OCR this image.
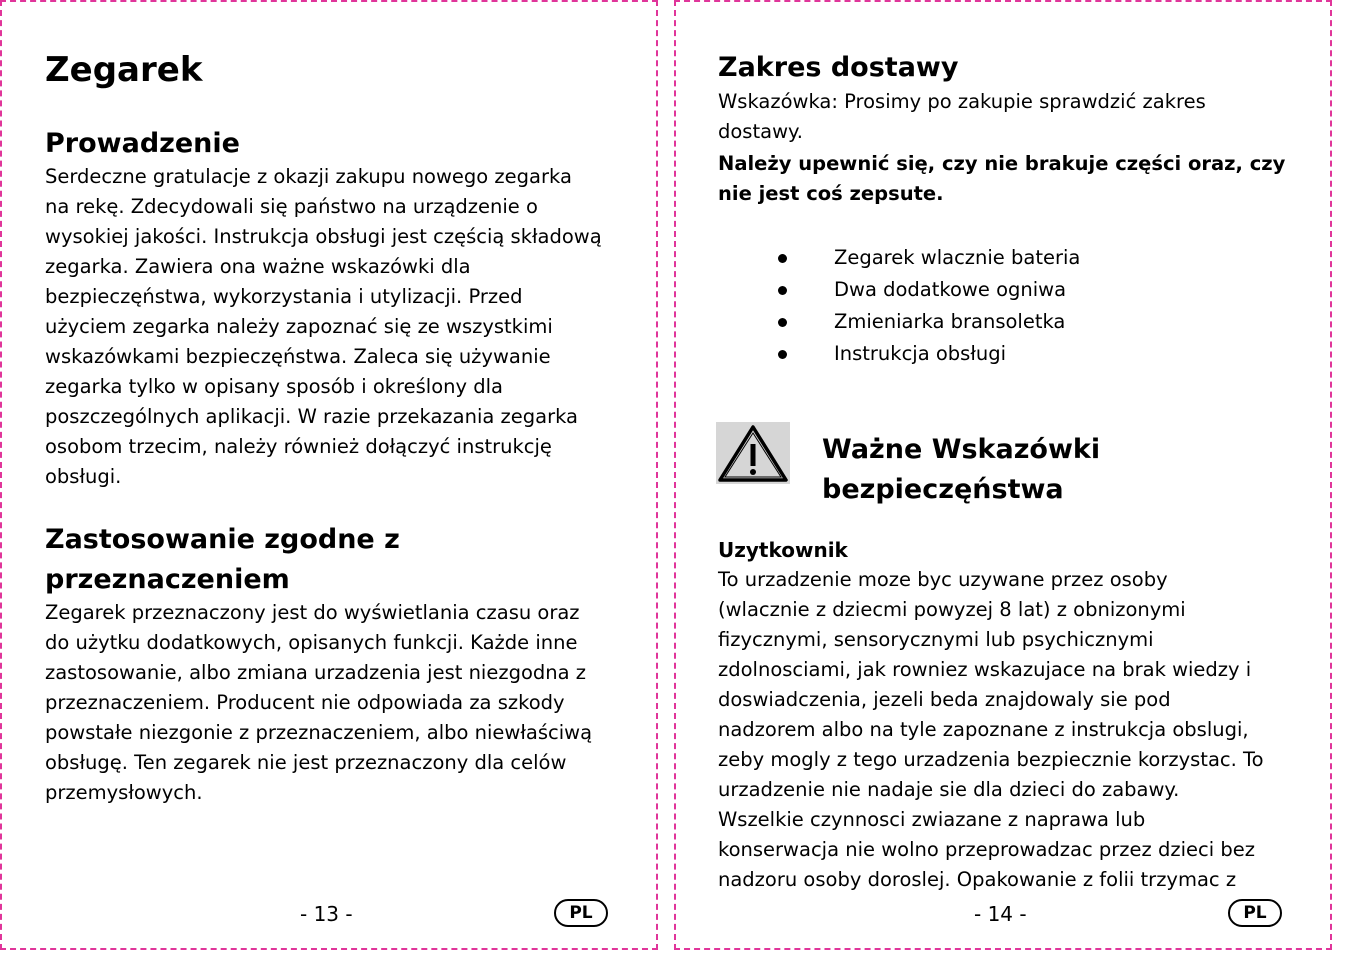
Zegarek
Prowadzenie

Serdeczne gratulacje z okazji zakupu nowego zegarka
na rekę. Zdecydowali się państwo na urządzenie o
wysokiej jakości. Instrukcja obsługi jest częścią składową
zegarka. Zawiera ona ważne wskazówki dla
bezpieczęństwa, wykorzystania i utylizacji. Przed
użyciem zegarka należy zapoznać się ze wszystkimi
wskazówkami bezpieczęństwa. Zaleca się używanie
zegarka tylko w opisany sposób i określony dla
poszczególnych aplikacji. W razie przekazania zegarka
osobom trzecim, należy również dołączyć instrukcję
obsługi.

Zastosowanie zgodne z
przeznaczeniem

Zegarek przeznaczony jest do wyświetlania czasu oraz
do użytku dodatkowych, opisanych funkcji. Każde inne
zastosowanie, albo zmiana urzadzenia jest niezgodna z
przeznaczeniem. Producent nie odpowiada za szkody
powstałe niezgonie z przeznaczeniem, albo niewłaściwą
obsługę. Ten zegarek nie jest przeznaczony dla celów
przemysłowych.

- 13 -	PL
Zakres dostawy

Wskazówka: Prosimy po zakupie sprawdzić zakres
dostawy.

Należy upewnić się, czy nie brakuje części oraz, czy
nie jest coś zepsute.

Zegarek wlacznie bateria
Dwa dodatkowe ogniwa
Zmieniarka bransoletka
Instrukcja obsługi
Ważne Wskazówki
bezpieczęństwa
Uzytkownik

To urzadzenie moze byc uzywane przez osoby
(wlacznie z dziecmi powyzej 8 lat) z obnizonymi
fizycznymi, sensorycznymi lub psychicznymi
zdolnosciami, jak rowniez wskazujace na brak wiedzy i
doswiadczenia, jezeli beda znajdowaly sie pod
nadzorem albo na tyle zapoznane z instrukcja obslugi,
zeby mogly z tego urzadzenia bezpiecznie korzystac. To
urzadzenie nie nadaje sie dla dzieci do zabawy.
Wszelkie czynnosci zwiazane z naprawa lub
konserwacja nie wolno przeprowadzac przez dzieci bez
nadzoru osoby doroslej. Opakowanie z folii trzymac z

- 14 -	PL
